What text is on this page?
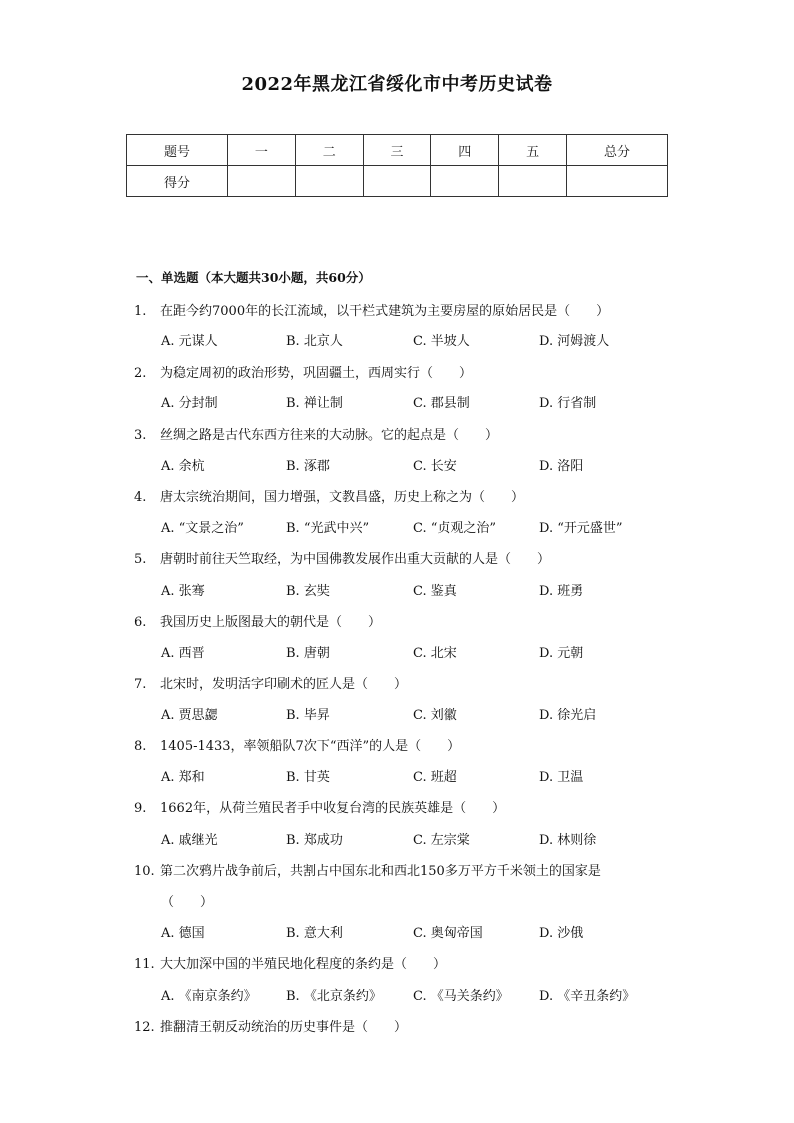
2022年黑龙江省绥化市中考历史试卷
题号	一	二	三	四	五	总分
得分						
一、单选题（本大题共30小题，共60分）
1. 在距今约7000年的长江流域，以干栏式建筑为主要房屋的原始居民是（　　）
A. 元谋人	B. 北京人	C. 半坡人	D. 河姆渡人
2. 为稳定周初的政治形势，巩固疆土，西周实行（　　）
A. 分封制	B. 禅让制	C. 郡县制	D. 行省制
3. 丝绸之路是古代东西方往来的大动脉。它的起点是（　　）
A. 余杭	B. 涿郡	C. 长安	D. 洛阳
4. 唐太宗统治期间，国力增强，文教昌盛，历史上称之为（　　）
A. “文景之治”	B. “光武中兴”	C. “贞观之治”	D. “开元盛世”
5. 唐朝时前往天竺取经，为中国佛教发展作出重大贡献的人是（　　）
A. 张骞	B. 玄奘	C. 鉴真	D. 班勇
6. 我国历史上版图最大的朝代是（　　）
A. 西晋	B. 唐朝	C. 北宋	D. 元朝
7. 北宋时，发明活字印刷术的匠人是（　　）
A. 贾思勰	B. 毕昇	C. 刘徽	D. 徐光启
8. 1405-1433，率领船队7次下“西洋”的人是（　　）
A. 郑和	B. 甘英	C. 班超	D. 卫温
9. 1662年，从荷兰殖民者手中收复台湾的民族英雄是（　　）
A. 戚继光	B. 郑成功	C. 左宗棠	D. 林则徐
10. 第二次鸦片战争前后，共割占中国东北和西北150多万平方千米领土的国家是
（　　）
A. 德国	B. 意大利	C. 奥匈帝国	D. 沙俄
11. 大大加深中国的半殖民地化程度的条约是（　　）
A. 《南京条约》 B. 《北京条约》 C. 《马关条约》 D. 《辛丑条约》
12. 推翻清王朝反动统治的历史事件是（　　）
